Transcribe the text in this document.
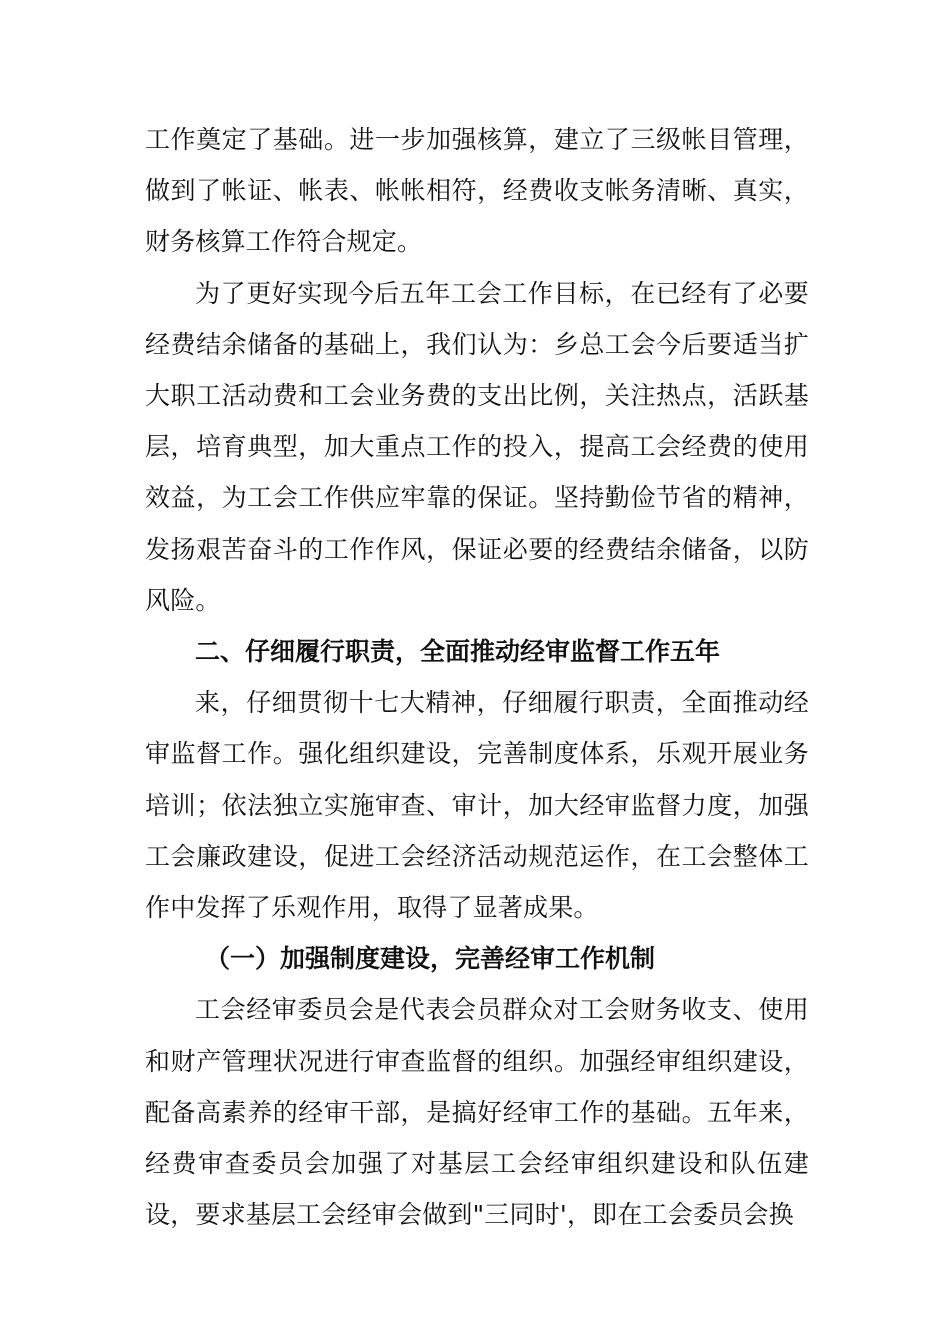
工作奠定了基础。进一步加强核算，建立了三级帐目管理， 做到了帐证、帐表、帐帐相符，经费收支帐务清晰、真实， 财务核算工作符合规定。

为了更好实现今后五年工会工作目标，在已经有了必要经费结余储备的基础上，我们认为：乡总工会今后要适当扩大职工活动费和工会业务费的支出比例，关注热点，活跃基层，培育典型，加大重点工作的投入，提高工会经费的使用效益，为工会工作供应牢靠的保证。坚持勤俭节省的精神， 发扬艰苦奋斗的工作作风，保证必要的经费结余储备，以防风险。

二、仔细履行职责，全面推动经审监督工作五年

来，仔细贯彻十七大精神，仔细履行职责，全面推动经审监督工作。强化组织建设，完善制度体系，乐观开展业务培训；依法独立实施审查、审计，加大经审监督力度，加强工会廉政建设，促进工会经济活动规范运作，在工会整体工作中发挥了乐观作用，取得了显著成果。

（一）加强制度建设，完善经审工作机制

工会经审委员会是代表会员群众对工会财务收支、使用和财产管理状况进行审查监督的组织。加强经审组织建设， 配备高素养的经审干部，是搞好经审工作的基础。五年来， 经费审查委员会加强了对基层工会经审组织建设和队伍建设，要求基层工会经审会做到"三同时'，即在工会委员会换
